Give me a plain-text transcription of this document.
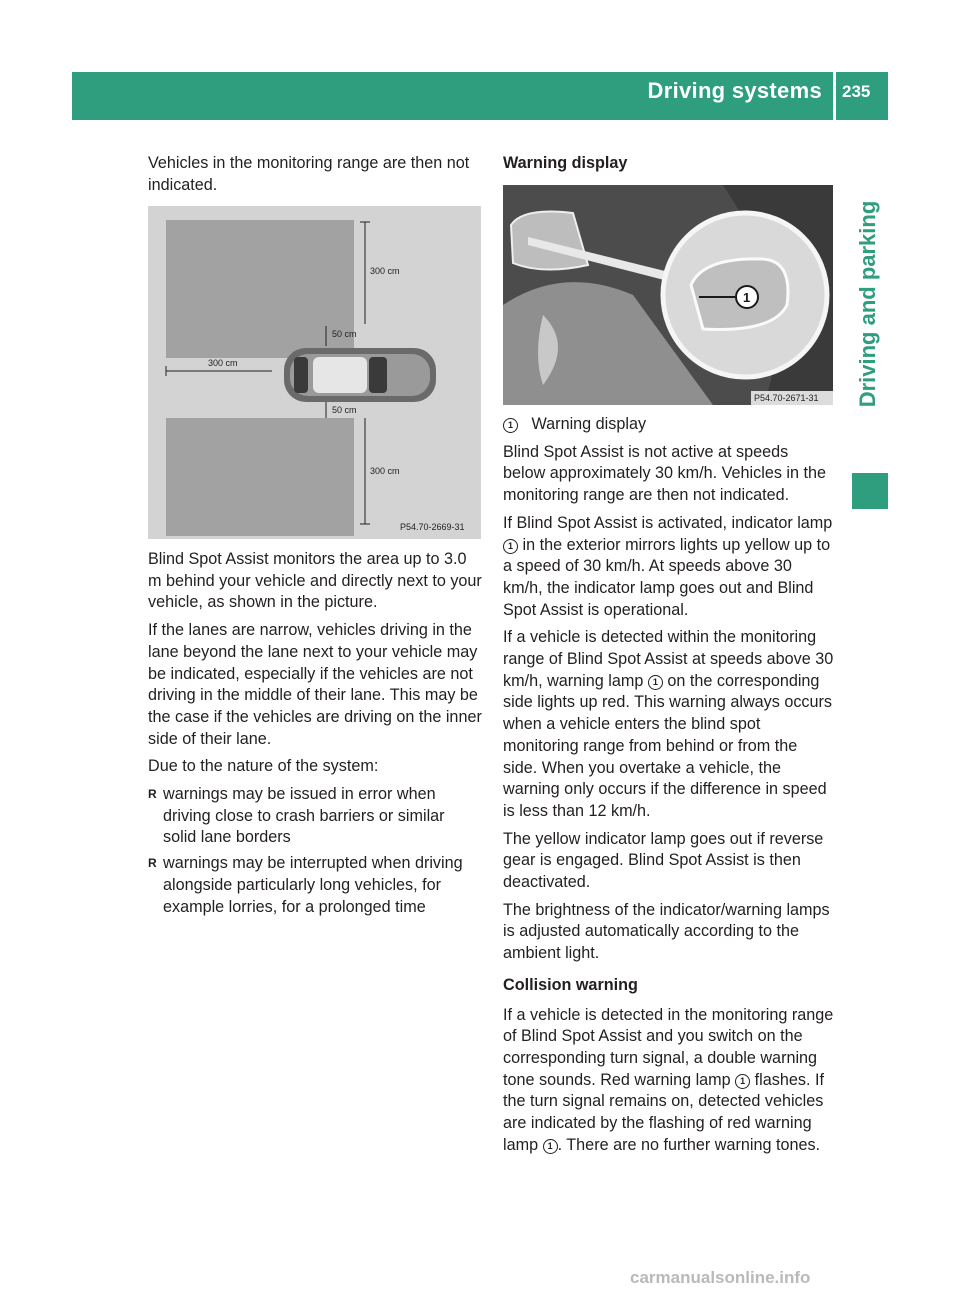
Driving systems 235
Driving and parking

Vehicles in the monitoring range are then not indicated.

300 cm
50 cm
300 cm
50 cm
300 cm
P54.70-2669-31

Blind Spot Assist monitors the area up to 3.0 m behind your vehicle and directly next to your vehicle, as shown in the picture.

If the lanes are narrow, vehicles driving in the lane beyond the lane next to your vehicle may be indicated, especially if the vehicles are not driving in the middle of their lane. This may be the case if the vehicles are driving on the inner side of their lane.

Due to the nature of the system:

R warnings may be issued in error when driving close to crash barriers or similar solid lane borders
R warnings may be interrupted when driving alongside particularly long vehicles, for example lorries, for a prolonged time

Warning display

1
P54.70-2671-31

1 Warning display

Blind Spot Assist is not active at speeds below approximately 30 km/h. Vehicles in the monitoring range are then not indicated.

If Blind Spot Assist is activated, indicator lamp 1 in the exterior mirrors lights up yellow up to a speed of 30 km/h. At speeds above 30 km/h, the indicator lamp goes out and Blind Spot Assist is operational.

If a vehicle is detected within the monitoring range of Blind Spot Assist at speeds above 30 km/h, warning lamp 1 on the corresponding side lights up red. This warning always occurs when a vehicle enters the blind spot monitoring range from behind or from the side. When you overtake a vehicle, the warning only occurs if the difference in speed is less than 12 km/h.

The yellow indicator lamp goes out if reverse gear is engaged. Blind Spot Assist is then deactivated.

The brightness of the indicator/warning lamps is adjusted automatically according to the ambient light.

Collision warning

If a vehicle is detected in the monitoring range of Blind Spot Assist and you switch on the corresponding turn signal, a double warning tone sounds. Red warning lamp 1 flashes. If the turn signal remains on, detected vehicles are indicated by the flashing of red warning lamp 1 . There are no further warning tones.

carmanualsonline.info
